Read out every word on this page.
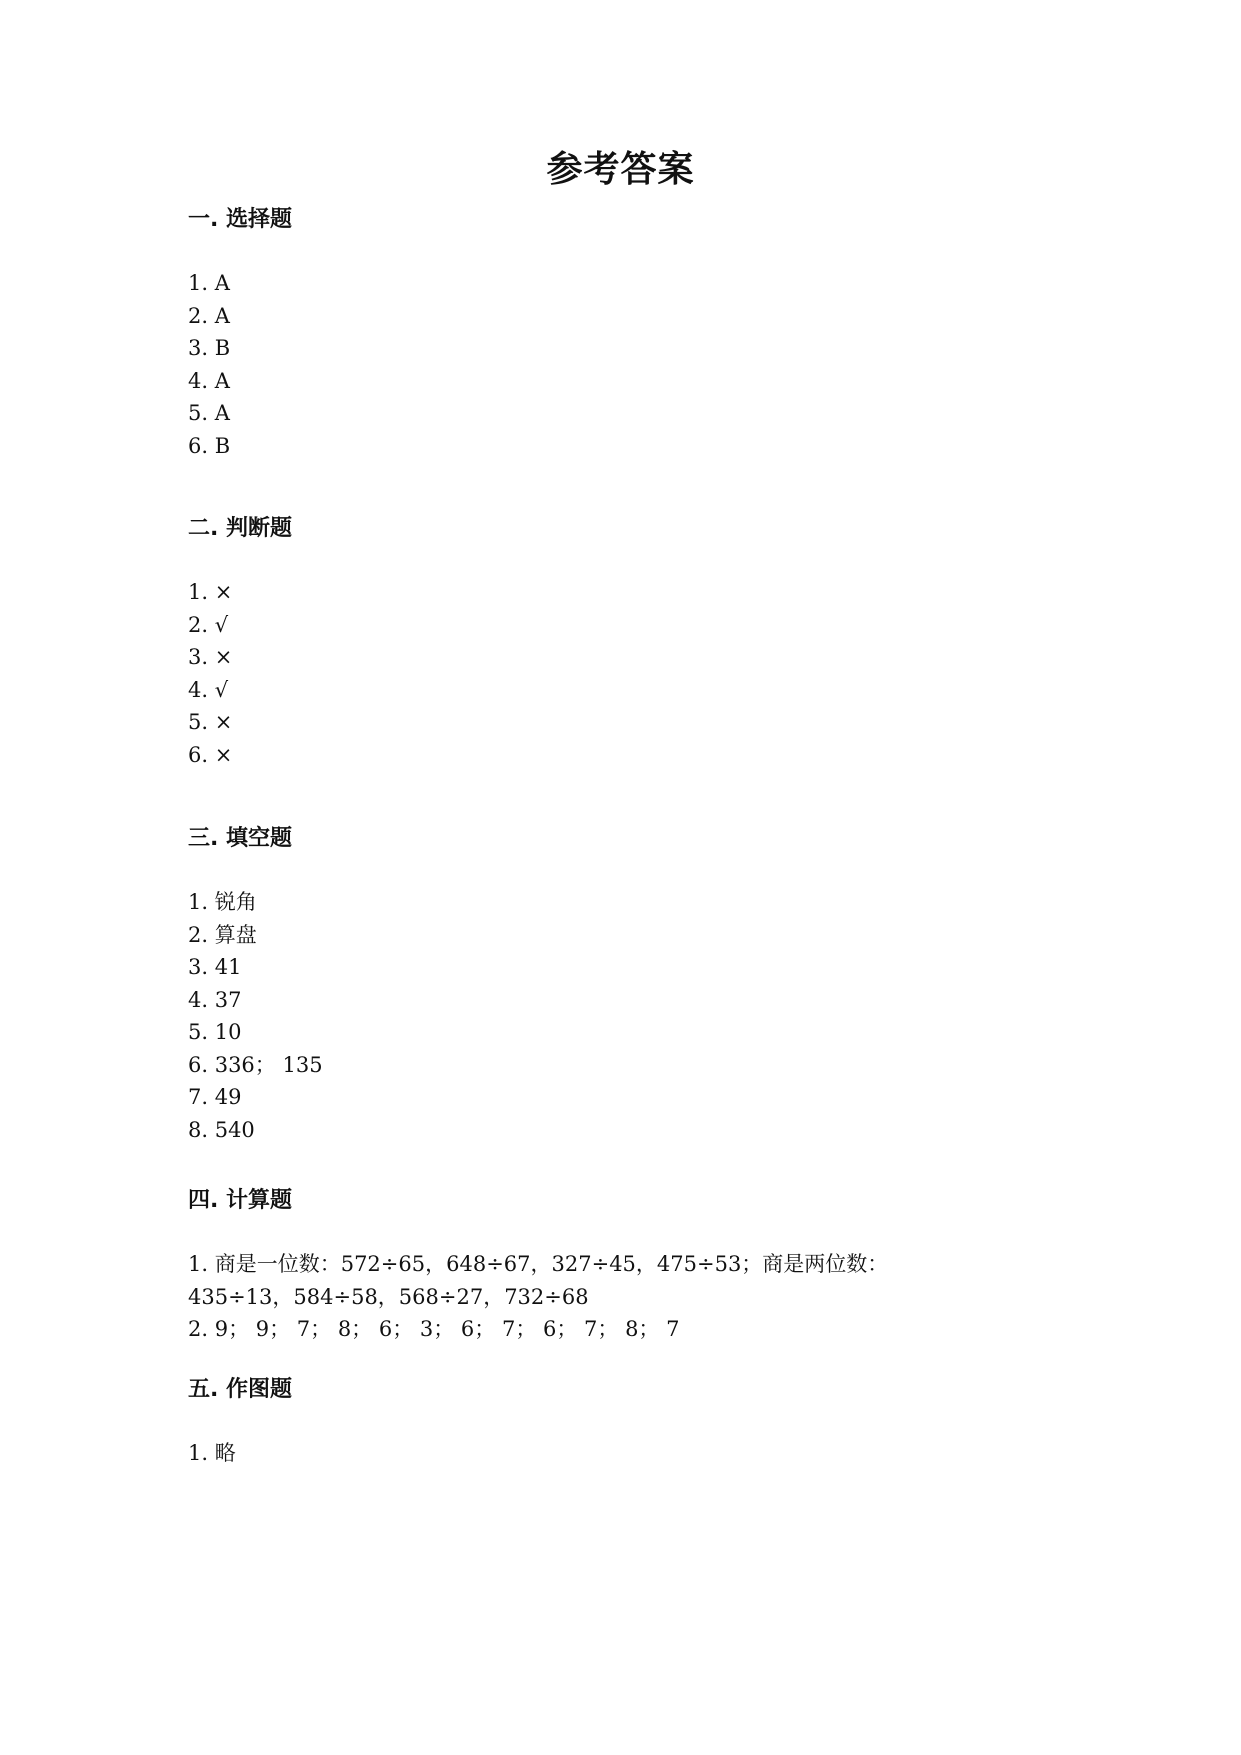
参考答案
一. 选择题
1. A
2. A
3. B
4. A
5. A
6. B
二. 判断题
1. ×
2. √
3. ×
4. √
5. ×
6. ×
三. 填空题
1. 锐角
2. 算盘
3. 41
4. 37
5. 10
6. 336； 135
7. 49
8. 540
四. 计算题
1. 商是一位数：572÷65，648÷67，327÷45，475÷53；商是两位数：
435÷13，584÷58，568÷27，732÷68
2. 9； 9； 7； 8； 6； 3； 6； 7； 6； 7； 8； 7
五. 作图题
1. 略
